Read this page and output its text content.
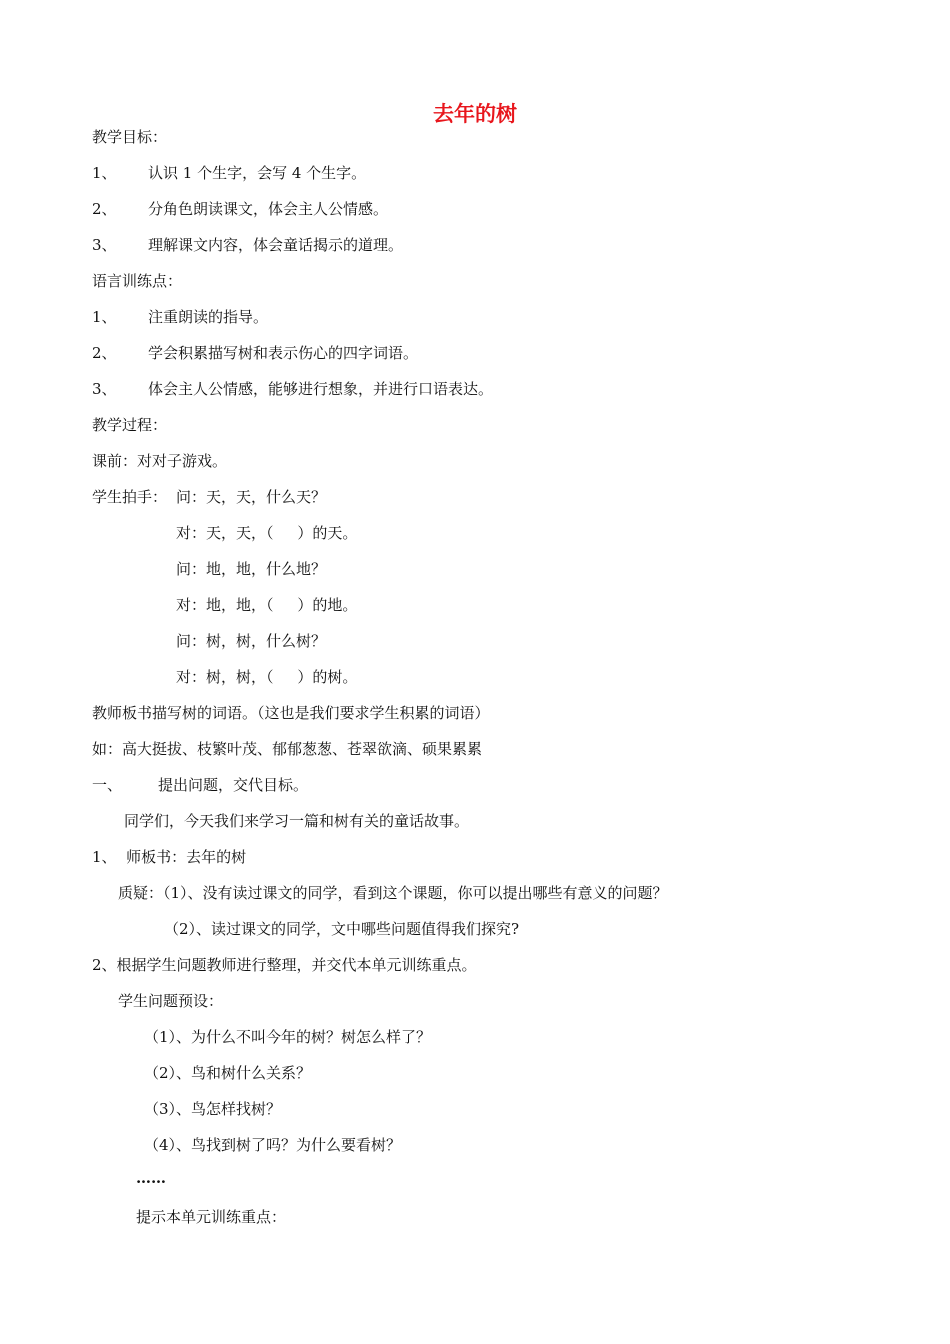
去年的树
教学目标：
1、 认识 1 个生字，会写 4 个生字。
2、 分角色朗读课文，体会主人公情感。
3、 理解课文内容，体会童话揭示的道理。
语言训练点：
1、 注重朗读的指导。
2、 学会积累描写树和表示伤心的四字词语。
3、 体会主人公情感，能够进行想象，并进行口语表达。
教学过程：
课前：对对子游戏。
学生拍手： 问：天，天，什么天？
对：天，天，（     ）的天。
问：地，地，什么地？
对：地，地，（     ）的地。
问：树，树，什么树？
对：树，树，（     ）的树。
教师板书描写树的词语。（这也是我们要求学生积累的词语）
如：高大挺拔、枝繁叶茂、郁郁葱葱、苍翠欲滴、硕果累累
一、 提出问题，交代目标。
同学们，今天我们来学习一篇和树有关的童话故事。
1、  师板书：去年的树
质疑：（1）、没有读过课文的同学，看到这个课题，你可以提出哪些有意义的问题？
（2）、读过课文的同学，文中哪些问题值得我们探究?
2、根据学生问题教师进行整理，并交代本单元训练重点。
学生问题预设：
（1）、为什么不叫今年的树？树怎么样了？
（2）、鸟和树什么关系？
（3）、鸟怎样找树？
（4）、鸟找到树了吗？为什么要看树？
……
提示本单元训练重点：
